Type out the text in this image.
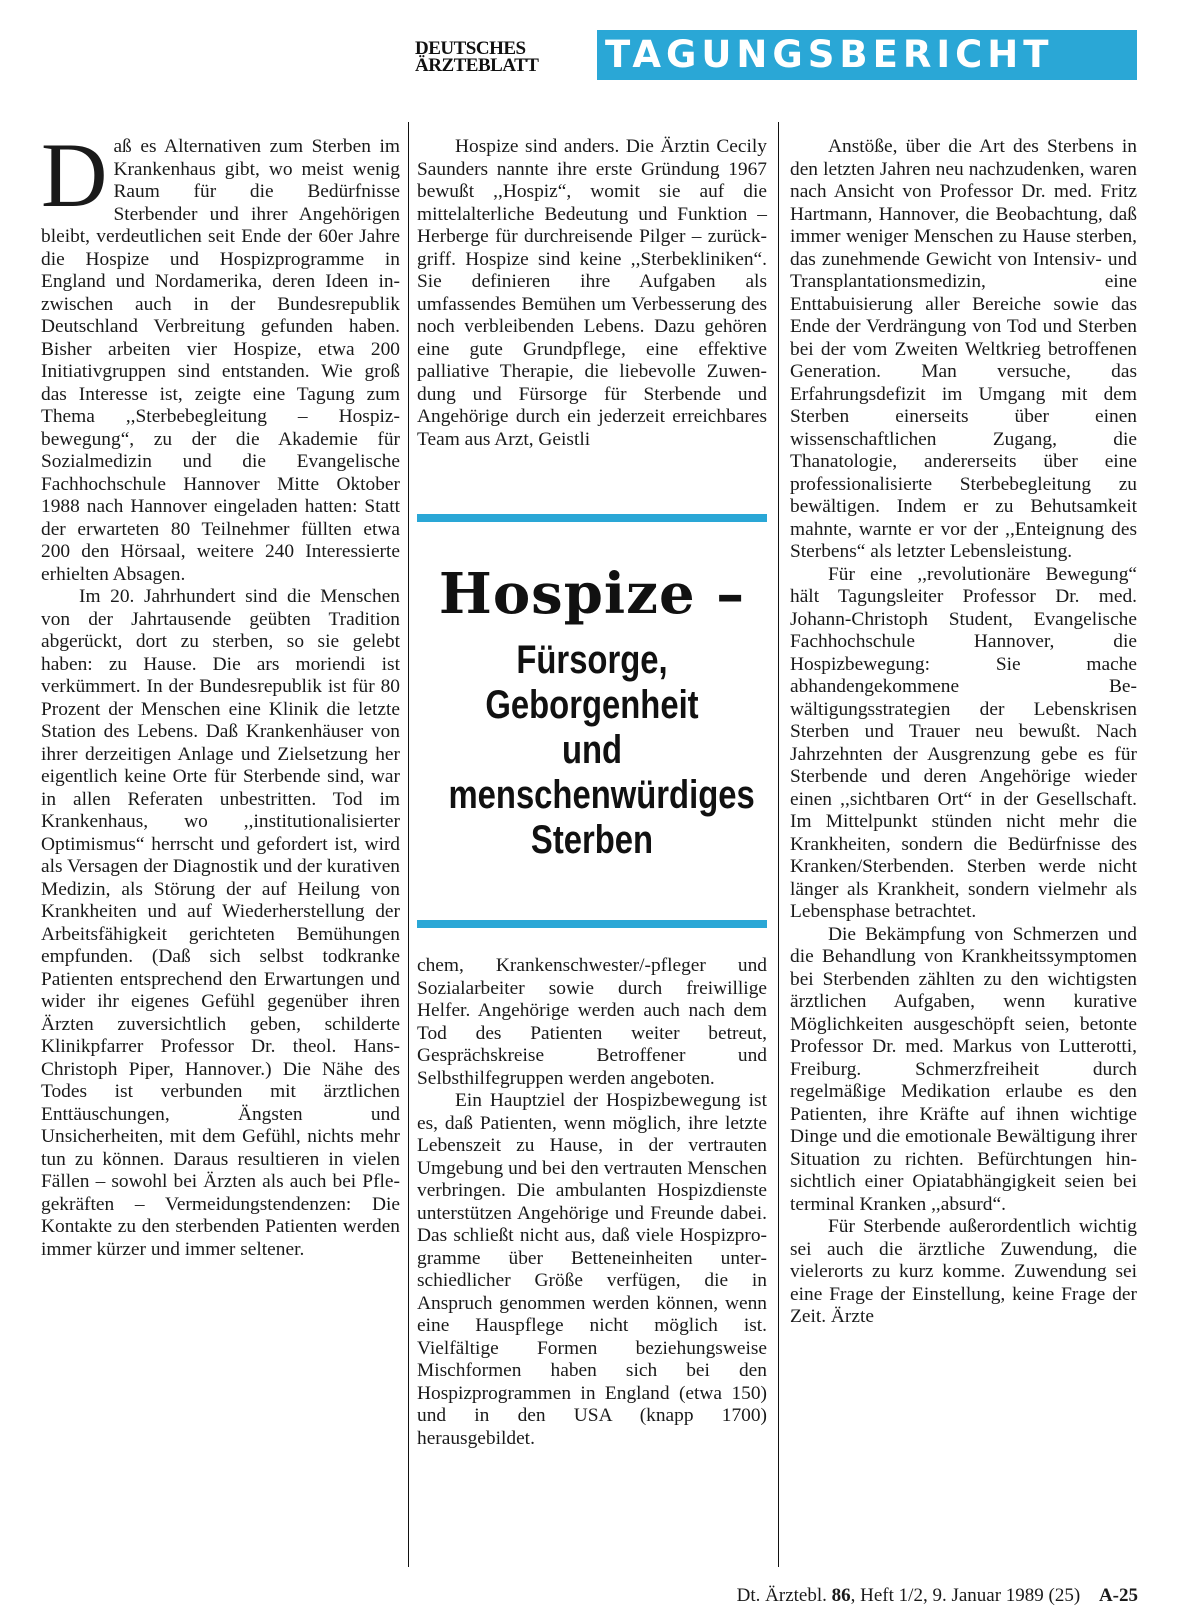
DEUTSCHES
ÄRZTEBLATT	TAGUNGSBERICHT

Daß es Alternativen zum Sterben im Krankenhaus gibt, wo meist wenig Raum für die Bedürfnisse Sterbender und ihrer Angehörigen bleibt, verdeutlichen seit Ende der 60er Jahre die Hospize und Hospizprogramme in England und Nordamerika, deren Ideen inzwischen auch in der Bundesrepublik Deutschland Verbreitung gefunden haben. Bisher arbeiten vier Hospize, etwa 200 Initiativgruppen sind entstanden. Wie groß das Interesse ist, zeigte eine Tagung zum Thema ,,Sterbebegleitung – Hospizbewegung“, zu der die Akademie für Sozialmedizin und die Evangelische Fachhochschule Hannover Mitte Oktober 1988 nach Hannover eingeladen hatten: Statt der erwarteten 80 Teilnehmer füllten etwa 200 den Hörsaal, weitere 240 Interessierte erhielten Absagen.

Im 20. Jahrhundert sind die Menschen von der Jahrtausende geübten Tradition abgerückt, dort zu sterben, so sie gelebt haben: zu Hause. Die ars moriendi ist verkümmert. In der Bundesrepublik ist für 80 Prozent der Menschen eine Klinik die letzte Station des Lebens. Daß Krankenhäuser von ihrer derzeitigen Anlage und Zielsetzung her eigentlich keine Orte für Sterbende sind, war in allen Referaten unbestritten. Tod im Krankenhaus, wo ,,institutionalisierter Optimismus“ herrscht und gefordert ist, wird als Versagen der Diagnostik und der kurativen Medizin, als Störung der auf Heilung von Krankheiten und auf Wiederherstellung der Arbeitsfähigkeit gerichteten Bemühungen empfunden. (Daß sich selbst todkranke Patienten entsprechend den Erwartungen und wider ihr eigenes Gefühl gegenüber ihren Ärzten zuversichtlich geben, schilderte Klinikpfarrer Professor Dr. theol. HansChristoph Piper, Hannover.) Die Nähe des Todes ist verbunden mit ärztlichen Enttäuschungen, Ängsten und Unsicherheiten, mit dem Gefühl, nichts mehr tun zu können. Daraus resultieren in vielen Fällen – sowohl bei Ärzten als auch bei Pflegekräften – Vermeidungstendenzen: Die Kontakte zu den sterbenden Patienten werden immer kürzer und immer seltener.

Hospize sind anders. Die Ärztin Cecily Saunders nannte ihre erste Gründung 1967 bewußt ,,Hospiz“, womit sie auf die mittelalterliche Bedeutung und Funktion – Herberge für durchreisende Pilger – zurückgriff. Hospize sind keine ,,Sterbekliniken“. Sie definieren ihre Aufgaben als umfassendes Bemühen um Verbesserung des noch verbleibenden Lebens. Dazu gehören eine gute Grundpflege, eine effektive palliative Therapie, die liebevolle Zuwendung und Fürsorge für Sterbende und Angehörige durch ein jederzeit erreichbares Team aus Arzt, Geistli

Hospize –
Fürsorge,
Geborgenheit
und
menschenwürdiges
Sterben

chem, Krankenschwester/-pfleger und Sozialarbeiter sowie durch freiwillige Helfer. Angehörige werden auch nach dem Tod des Patienten weiter betreut, Gesprächskreise Betroffener und Selbsthilfegruppen werden angeboten.

Ein Hauptziel der Hospizbewegung ist es, daß Patienten, wenn möglich, ihre letzte Lebenszeit zu Hause, in der vertrauten Umgebung und bei den vertrauten Menschen verbringen. Die ambulanten Hospizdienste unterstützen Angehörige und Freunde dabei. Das schließt nicht aus, daß viele Hospizprogramme über Betteneinheiten unterschiedlicher Größe verfügen, die in Anspruch genommen werden können, wenn eine Hauspflege nicht möglich ist. Vielfältige Formen beziehungsweise Mischformen haben sich bei den Hospizprogrammen in England (etwa 150) und in den USA (knapp 1700) herausgebildet.

Anstöße, über die Art des Sterbens in den letzten Jahren neu nachzudenken, waren nach Ansicht von Professor Dr. med. Fritz Hartmann, Hannover, die Beobachtung, daß immer weniger Menschen zu Hause sterben, das zunehmende Gewicht von Intensiv- und Transplantationsmedizin, eine Enttabuisierung aller Bereiche sowie das Ende der Verdrängung von Tod und Sterben bei der vom Zweiten Weltkrieg betroffenen Generation. Man versuche, das Erfahrungsdefizit im Umgang mit dem Sterben einerseits über einen wissenschaftlichen Zugang, die Thanatologie, andererseits über eine professionalisierte Sterbebegleitung zu bewältigen. Indem er zu Behutsamkeit mahnte, warnte er vor der ,,Enteignung des Sterbens“ als letzter Lebensleistung.

Für eine ,,revolutionäre Bewegung“ hält Tagungsleiter Professor Dr. med. Johann-Christoph Student, Evangelische Fachhochschule Hannover, die Hospizbewegung: Sie mache abhandengekommene Bewältigungsstrategien der Lebenskrisen Sterben und Trauer neu bewußt. Nach Jahrzehnten der Ausgrenzung gebe es für Sterbende und deren Angehörige wieder einen ,,sichtbaren Ort“ in der Gesellschaft. Im Mittelpunkt stünden nicht mehr die Krankheiten, sondern die Bedürfnisse des Kranken/Sterbenden. Sterben werde nicht länger als Krankheit, sondern vielmehr als Lebensphase betrachtet.

Die Bekämpfung von Schmerzen und die Behandlung von Krankheitssymptomen bei Sterbenden zählten zu den wichtigsten ärztlichen Aufgaben, wenn kurative Möglichkeiten ausgeschöpft seien, betonte Professor Dr. med. Markus von Lutterotti, Freiburg. Schmerzfreiheit durch regelmäßige Medikation erlaube es den Patienten, ihre Kräfte auf ihnen wichtige Dinge und die emotionale Bewältigung ihrer Situation zu richten. Befürchtungen hinsichtlich einer Opiatabhängigkeit seien bei terminal Kranken ,,absurd“.

Für Sterbende außerordentlich wichtig sei auch die ärztliche Zuwendung, die vielerorts zu kurz komme. Zuwendung sei eine Frage der Einstellung, keine Frage der Zeit. Ärzte

Dt. Ärztebl. 86, Heft 1/2, 9. Januar 1989 (25) A-25
